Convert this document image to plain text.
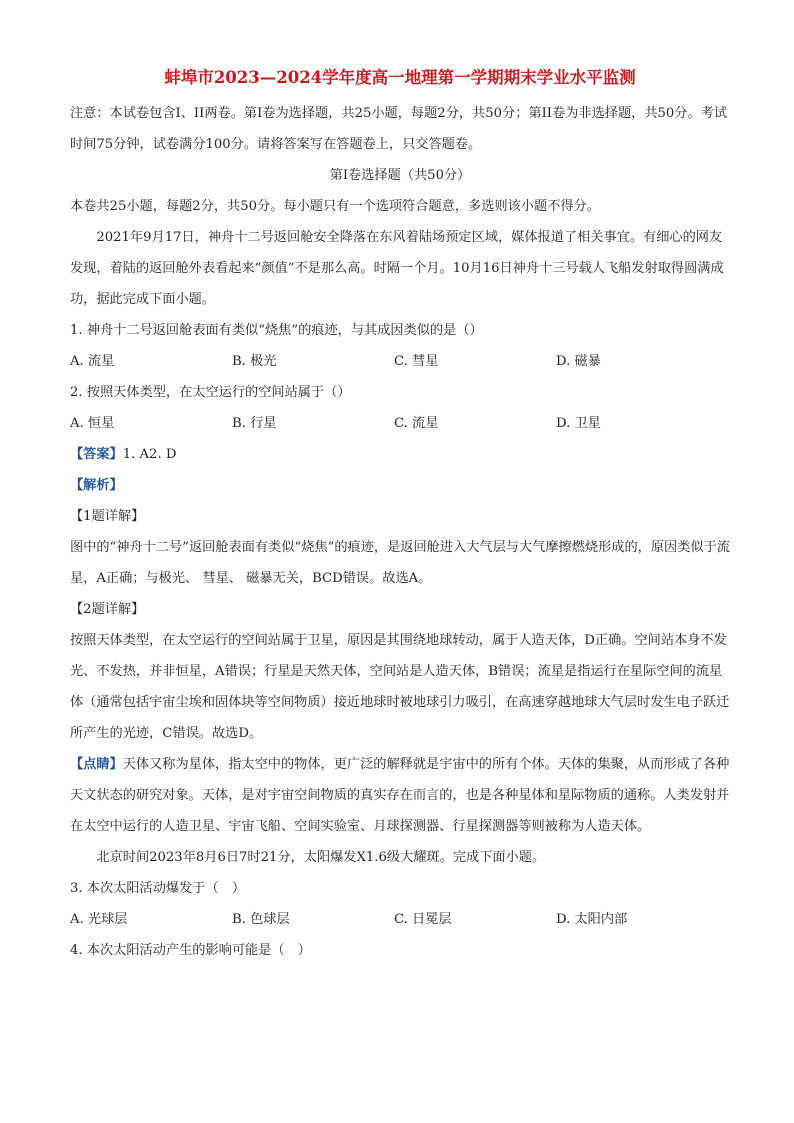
蚌埠市2023—2024学年度高一地理第一学期期末学业水平监测

注意：本试卷包含I、II两卷。第I卷为选择题，共25小题，每题2分，共50分；第II卷为非选择题，共50分。考试时间75分钟，试卷满分100分。请将答案写在答题卷上，只交答题卷。

第I卷选择题（共50分）

本卷共25小题，每题2分，共50分。每小题只有一个选项符合题意，多选则该小题不得分。

2021年9月17日，神舟十二号返回舱安全降落在东风着陆场预定区域，媒体报道了相关事宜。有细心的网友发现，着陆的返回舱外表看起来“颜值”不是那么高。时隔一个月。10月16日神舟十三号载人飞船发射取得圆满成功，据此完成下面小题。

1. 神舟十二号返回舱表面有类似“烧焦”的痕迹，与其成因类似的是（）

A. 流星	B. 极光	C. 彗星	D. 磁暴

2. 按照天体类型，在太空运行的空间站属于（）

A. 恒星	B. 行星	C. 流星	D. 卫星

【答案】1. A2. D

【解析】

【1题详解】

图中的“神舟十二号”返回舱表面有类似“烧焦”的痕迹，是返回舱进入大气层与大气摩擦燃烧形成的，原因类似于流星，A正确；与极光、 彗星、 磁暴无关，BCD错误。故选A。

【2题详解】

按照天体类型，在太空运行的空间站属于卫星，原因是其围绕地球转动，属于人造天体，D正确。空间站本身不发光、不发热，并非恒星，A错误；行星是天然天体，空间站是人造天体，B错误；流星是指运行在星际空间的流星体（通常包括宇宙尘埃和固体块等空间物质）接近地球时被地球引力吸引，在高速穿越地球大气层时发生电子跃迁所产生的光迹，C错误。故选D。

【点睛】天体又称为星体，指太空中的物体，更广泛的解释就是宇宙中的所有个体。天体的集聚，从而形成了各种天文状态的研究对象。天体，是对宇宙空间物质的真实存在而言的，也是各种星体和星际物质的通称。人类发射并在太空中运行的人造卫星、宇宙飞船、空间实验室、月球探测器、行星探测器等则被称为人造天体。

北京时间2023年8月6日7时21分，太阳爆发X1.6级大耀斑。完成下面小题。

3. 本次太阳活动爆发于（　）

A. 光球层	B. 色球层	C. 日冕层	D. 太阳内部

4. 本次太阳活动产生的影响可能是（　）
